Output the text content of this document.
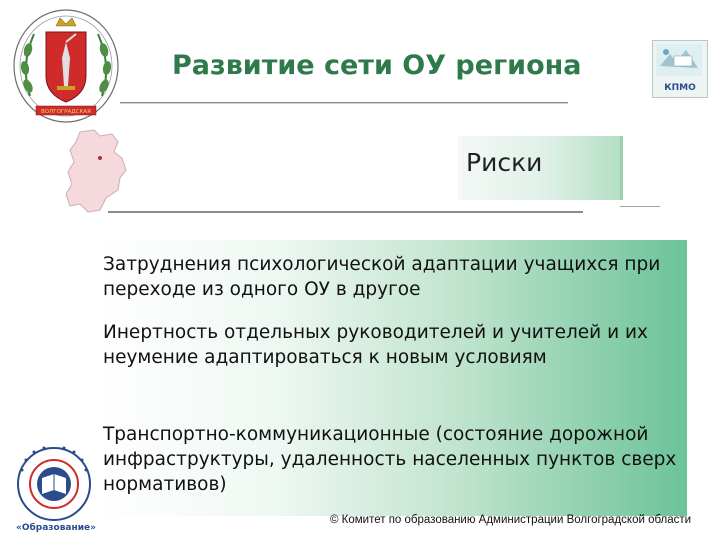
ВОЛГОГРАДСКАЯ
Развитие сети ОУ региона
КПМО
Риски
Затруднения психологической адаптации учащихся при переходе из одного ОУ в другое
Инертность отдельных руководителей и учителей и их неумение адаптироваться к новым условиям
Транспортно-коммуникационные (состояние дорожной инфраструктуры, удаленность населенных пунктов сверх нормативов)
«Образование»
© Комитет по образованию Администрации Волгоградской области
